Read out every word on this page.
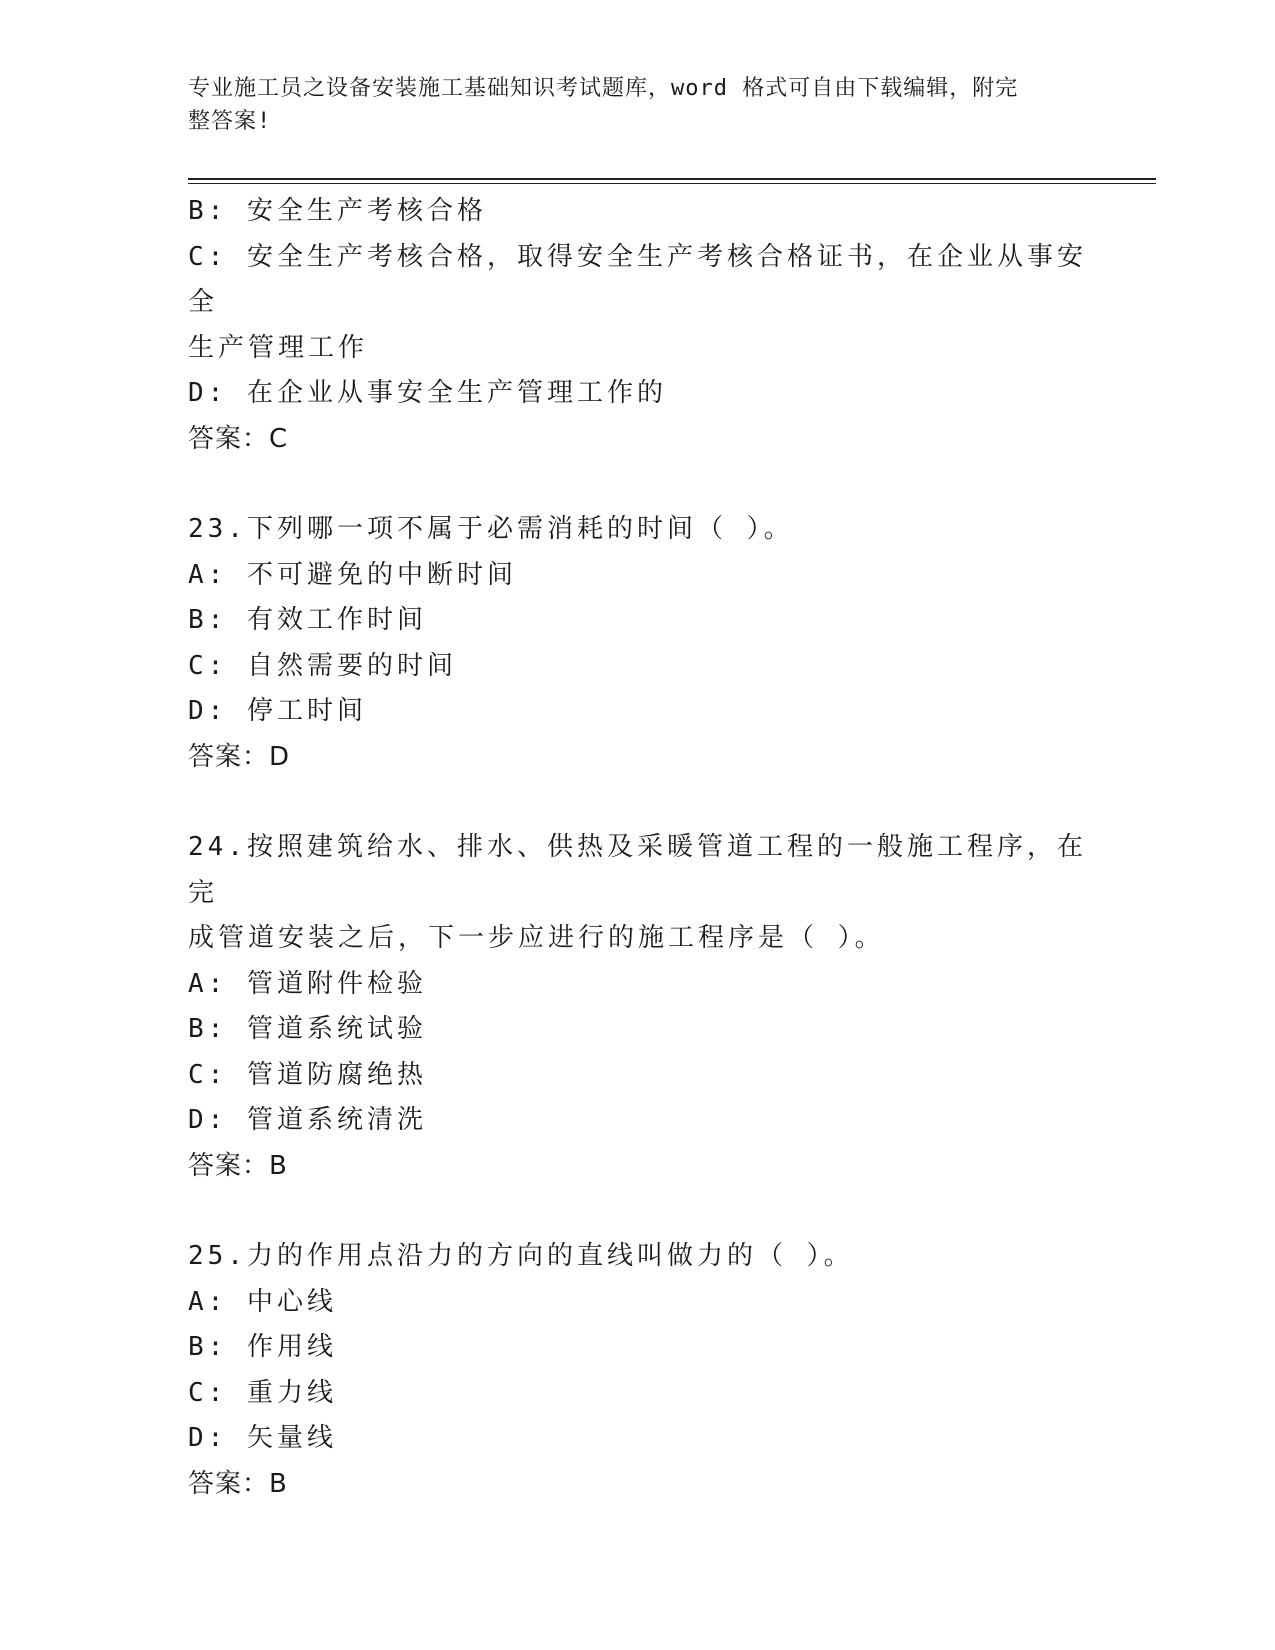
专业施工员之设备安装施工基础知识考试题库，word 格式可自由下载编辑，附完
整答案!
B: 安全生产考核合格
C: 安全生产考核合格，取得安全生产考核合格证书，在企业从事安全
生产管理工作
D: 在企业从事安全生产管理工作的
答案：C
23.下列哪一项不属于必需消耗的时间（ ）。
A: 不可避免的中断时间
B: 有效工作时间
C: 自然需要的时间
D: 停工时间
答案：D
24.按照建筑给水、排水、供热及采暖管道工程的一般施工程序，在完
成管道安装之后，下一步应进行的施工程序是（ ）。
A: 管道附件检验
B: 管道系统试验
C: 管道防腐绝热
D: 管道系统清洗
答案：B
25.力的作用点沿力的方向的直线叫做力的（ ）。
A: 中心线
B: 作用线
C: 重力线
D: 矢量线
答案：B
